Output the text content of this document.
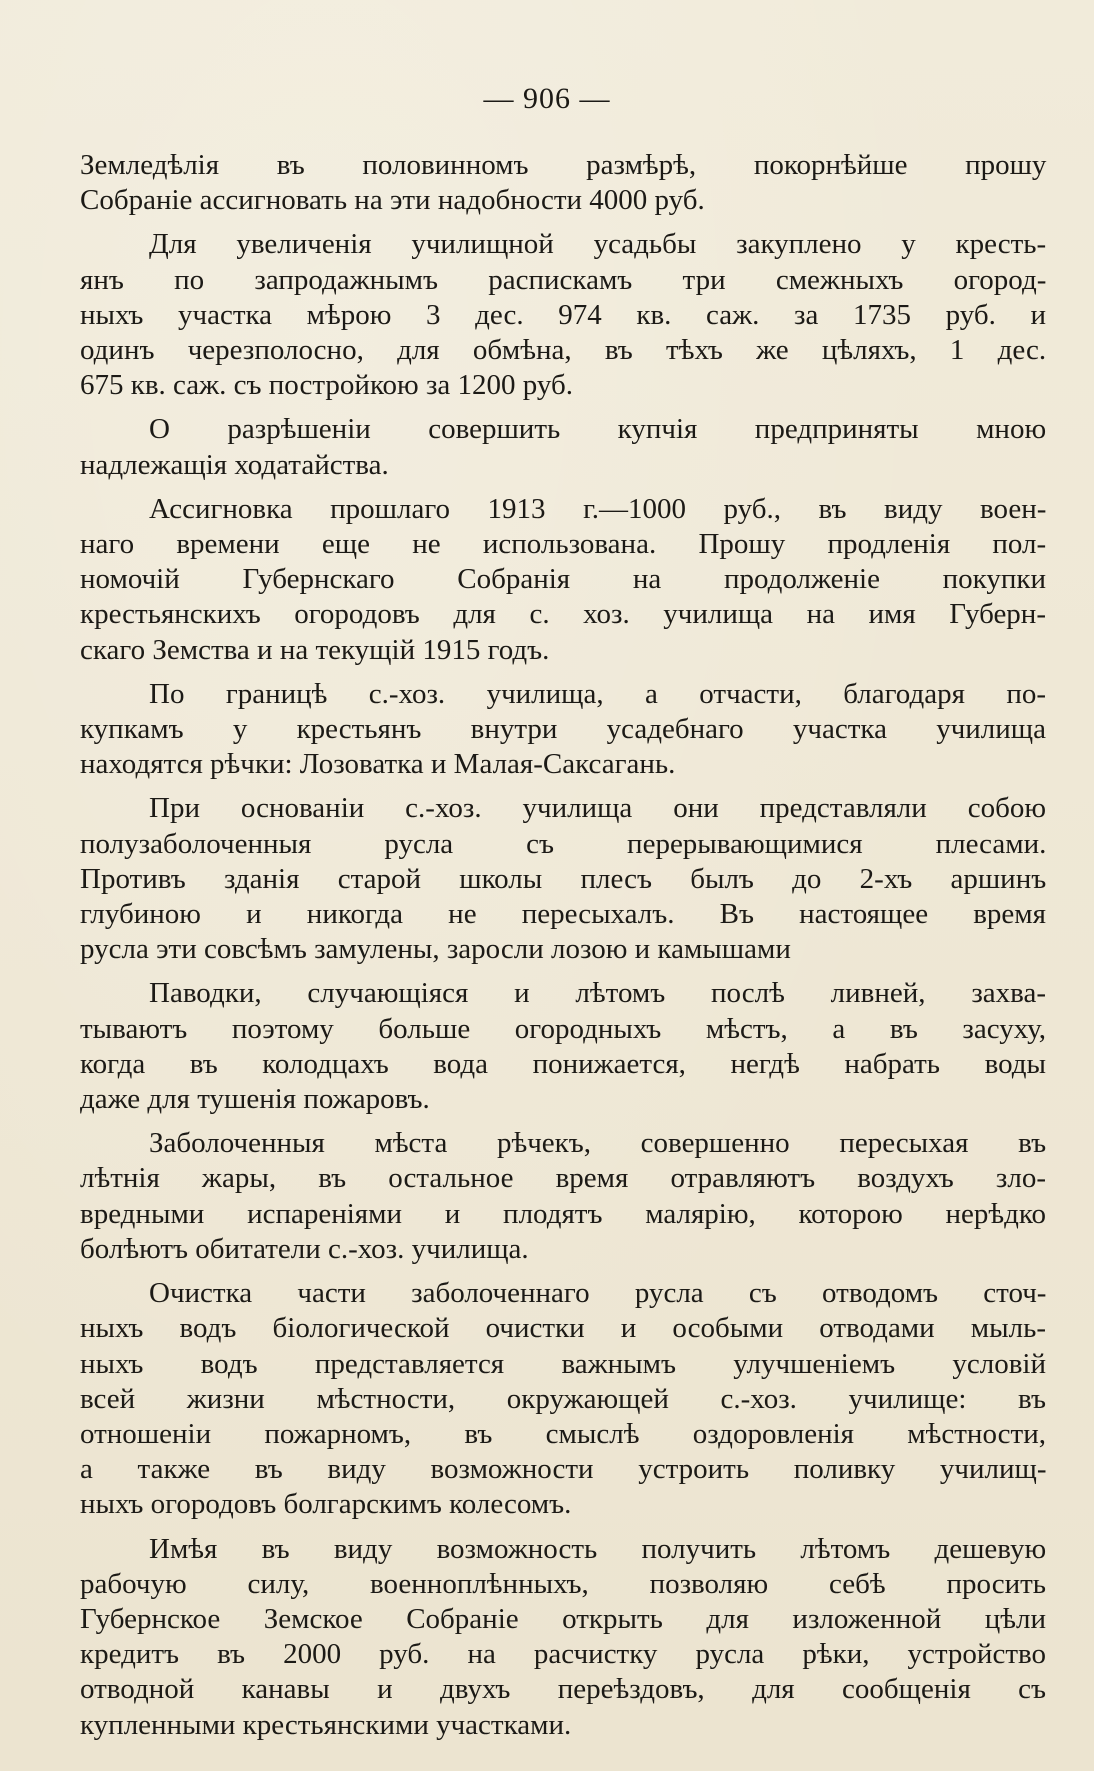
— 906 —
Земледѣлія въ половинномъ размѣрѣ, покорнѣйше прошу
Собраніе ассигновать на эти надобности 4000 руб.
Для увеличенія училищной усадьбы закуплено у кресть-
янъ по запродажнымъ распискамъ три смежныхъ огород-
ныхъ участка мѣрою 3 дес. 974 кв. саж. за 1735 руб. и
одинъ черезполосно, для обмѣна, въ тѣхъ же цѣляхъ, 1 дес.
675 кв. саж. съ постройкою за 1200 руб.
О разрѣшеніи совершить купчія предприняты мною
надлежащія ходатайства.
Ассигновка прошлаго 1913 г.—1000 руб., въ виду воен-
наго времени еще не использована. Прошу продленія пол-
номочій Губернскаго Собранія на продолженіе покупки
крестьянскихъ огородовъ для с. хоз. училища на имя Губерн-
скаго Земства и на текущій 1915 годъ.
По границѣ с.-хоз. училища, а отчасти, благодаря по-
купкамъ у крестьянъ внутри усадебнаго участка училища
находятся рѣчки: Лозоватка и Малая-Саксагань.
При основаніи с.-хоз. училища они представляли собою
полузаболоченныя русла съ перерывающимися плесами.
Противъ зданія старой школы плесъ былъ до 2-хъ аршинъ
глубиною и никогда не пересыхалъ. Въ настоящее время
русла эти совсѣмъ замулены, заросли лозою и камышами
Паводки, случающіяся и лѣтомъ послѣ ливней, захва-
тываютъ поэтому больше огородныхъ мѣстъ, а въ засуху,
когда въ колодцахъ вода понижается, негдѣ набрать воды
даже для тушенія пожаровъ.
Заболоченныя мѣста рѣчекъ, совершенно пересыхая въ
лѣтнія жары, въ остальное время отравляютъ воздухъ зло-
вредными испареніями и плодятъ малярію, которою нерѣдко
болѣютъ обитатели с.-хоз. училища.
Очистка части заболоченнаго русла съ отводомъ сточ-
ныхъ водъ біологической очистки и особыми отводами мыль-
ныхъ водъ представляется важнымъ улучшеніемъ условій
всей жизни мѣстности, окружающей с.-хоз. училище: въ
отношеніи пожарномъ, въ смыслѣ оздоровленія мѣстности,
а также въ виду возможности устроить поливку училищ-
ныхъ огородовъ болгарскимъ колесомъ.
Имѣя въ виду возможность получить лѣтомъ дешевую
рабочую силу, военноплѣнныхъ, позволяю себѣ просить
Губернское Земское Собраніе открыть для изложенной цѣли
кредитъ въ 2000 руб. на расчистку русла рѣки, устройство
отводной канавы и двухъ переѣздовъ, для сообщенія съ
купленными крестьянскими участками.
